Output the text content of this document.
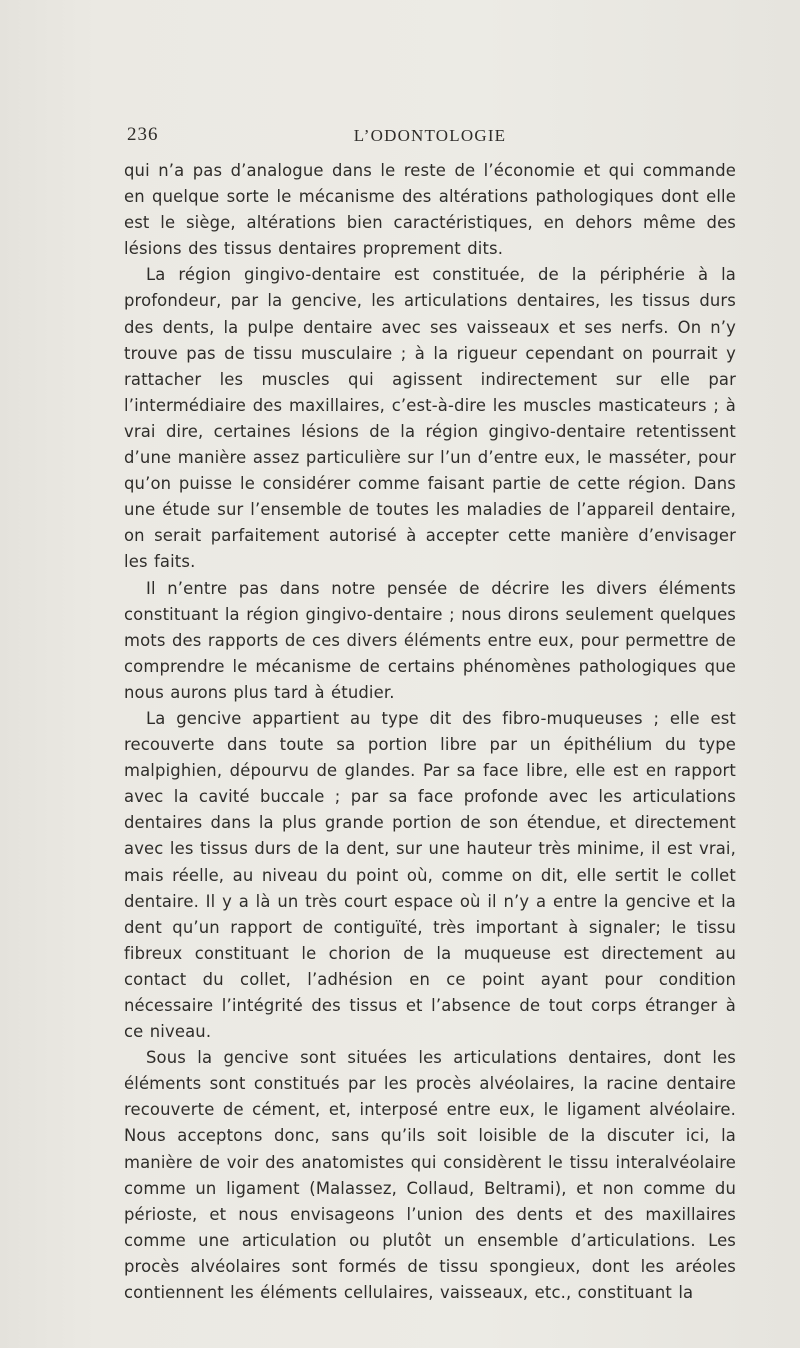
236	L’ODONTOLOGIE

qui n’a pas d’analogue dans le reste de l’économie et qui commande en quelque sorte le mécanisme des altérations pathologiques dont elle est le siège, altérations bien caractéristiques, en dehors même des lésions des tissus dentaires proprement dits.

La région gingivo-dentaire est constituée, de la périphérie à la profondeur, par la gencive, les articulations dentaires, les tissus durs des dents, la pulpe dentaire avec ses vaisseaux et ses nerfs. On n’y trouve pas de tissu musculaire ; à la rigueur cependant on pourrait y rattacher les muscles qui agissent indirectement sur elle par l’intermédiaire des maxillaires, c’est-à-dire les muscles masticateurs ; à vrai dire, certaines lésions de la région gingivo-dentaire retentissent d’une manière assez particulière sur l’un d’entre eux, le masséter, pour qu’on puisse le considérer comme faisant partie de cette région. Dans une étude sur l’ensemble de toutes les maladies de l’appareil dentaire, on serait parfaitement autorisé à accepter cette manière d’envisager les faits.

Il n’entre pas dans notre pensée de décrire les divers éléments constituant la région gingivo-dentaire ; nous dirons seulement quelques mots des rapports de ces divers éléments entre eux, pour permettre de comprendre le mécanisme de certains phénomènes pathologiques que nous aurons plus tard à étudier.

La gencive appartient au type dit des fibro-muqueuses ; elle est recouverte dans toute sa portion libre par un épithélium du type malpighien, dépourvu de glandes. Par sa face libre, elle est en rapport avec la cavité buccale ; par sa face profonde avec les articulations dentaires dans la plus grande portion de son étendue, et directement avec les tissus durs de la dent, sur une hauteur très minime, il est vrai, mais réelle, au niveau du point où, comme on dit, elle sertit le collet dentaire. Il y a là un très court espace où il n’y a entre la gencive et la dent qu’un rapport de contiguïté, très important à signaler; le tissu fibreux constituant le chorion de la muqueuse est directement au contact du collet, l’adhésion en ce point ayant pour condition nécessaire l’intégrité des tissus et l’absence de tout corps étranger à ce niveau.

Sous la gencive sont situées les articulations dentaires, dont les éléments sont constitués par les procès alvéolaires, la racine dentaire recouverte de cément, et, interposé entre eux, le ligament alvéolaire. Nous acceptons donc, sans qu’ils soit loisible de la discuter ici, la manière de voir des anatomistes qui considèrent le tissu interalvéolaire comme un ligament (Malassez, Collaud, Beltrami), et non comme du périoste, et nous envisageons l’union des dents et des maxillaires comme une articulation ou plutôt un ensemble d’articulations. Les procès alvéolaires sont formés de tissu spongieux, dont les aréoles contiennent les éléments cellulaires, vaisseaux, etc., constituant la
